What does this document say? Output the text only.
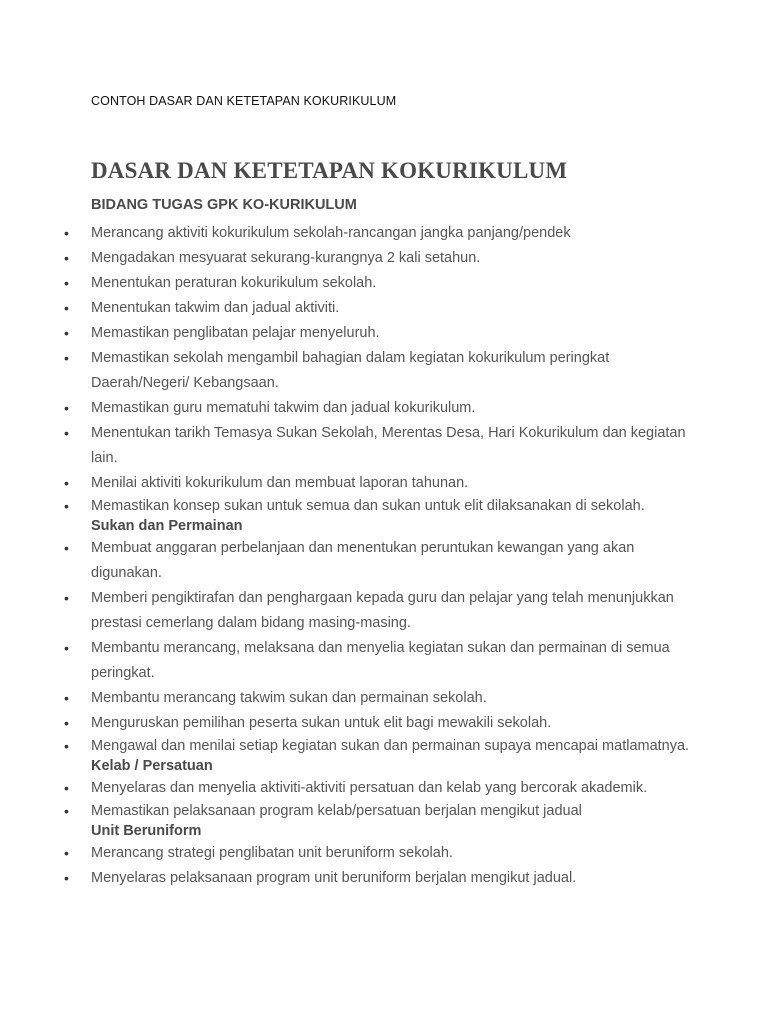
CONTOH DASAR DAN KETETAPAN KOKURIKULUM
DASAR DAN KETETAPAN KOKURIKULUM
BIDANG TUGAS GPK KO-KURIKULUM
• Merancang aktiviti kokurikulum sekolah-rancangan jangka panjang/pendek
• Mengadakan mesyuarat sekurang-kurangnya 2 kali setahun.
• Menentukan peraturan kokurikulum sekolah.
• Menentukan takwim dan jadual aktiviti.
• Memastikan penglibatan pelajar menyeluruh.
• Memastikan sekolah mengambil bahagian dalam kegiatan kokurikulum peringkat Daerah/Negeri/ Kebangsaan.
• Memastikan guru mematuhi takwim dan jadual kokurikulum.
• Menentukan tarikh Temasya Sukan Sekolah, Merentas Desa, Hari Kokurikulum dan kegiatan lain.
• Menilai aktiviti kokurikulum dan membuat laporan tahunan.
• Memastikan konsep sukan untuk semua dan sukan untuk elit dilaksanakan di sekolah.
Sukan dan Permainan
• Membuat anggaran perbelanjaan dan menentukan peruntukan kewangan yang akan digunakan.
• Memberi pengiktirafan dan penghargaan kepada guru dan pelajar yang telah menunjukkan prestasi cemerlang dalam bidang masing-masing.
• Membantu merancang, melaksana dan menyelia kegiatan sukan dan permainan di semua peringkat.
• Membantu merancang takwim sukan dan permainan sekolah.
• Menguruskan pemilihan peserta sukan untuk elit bagi mewakili sekolah.
• Mengawal dan menilai setiap kegiatan sukan dan permainan supaya mencapai matlamatnya.
Kelab / Persatuan
• Menyelaras dan menyelia aktiviti-aktiviti persatuan dan kelab yang bercorak akademik.
• Memastikan pelaksanaan program kelab/persatuan berjalan mengikut jadual
Unit Beruniform
• Merancang strategi penglibatan unit beruniform sekolah.
• Menyelaras pelaksanaan program unit beruniform berjalan mengikut jadual.
